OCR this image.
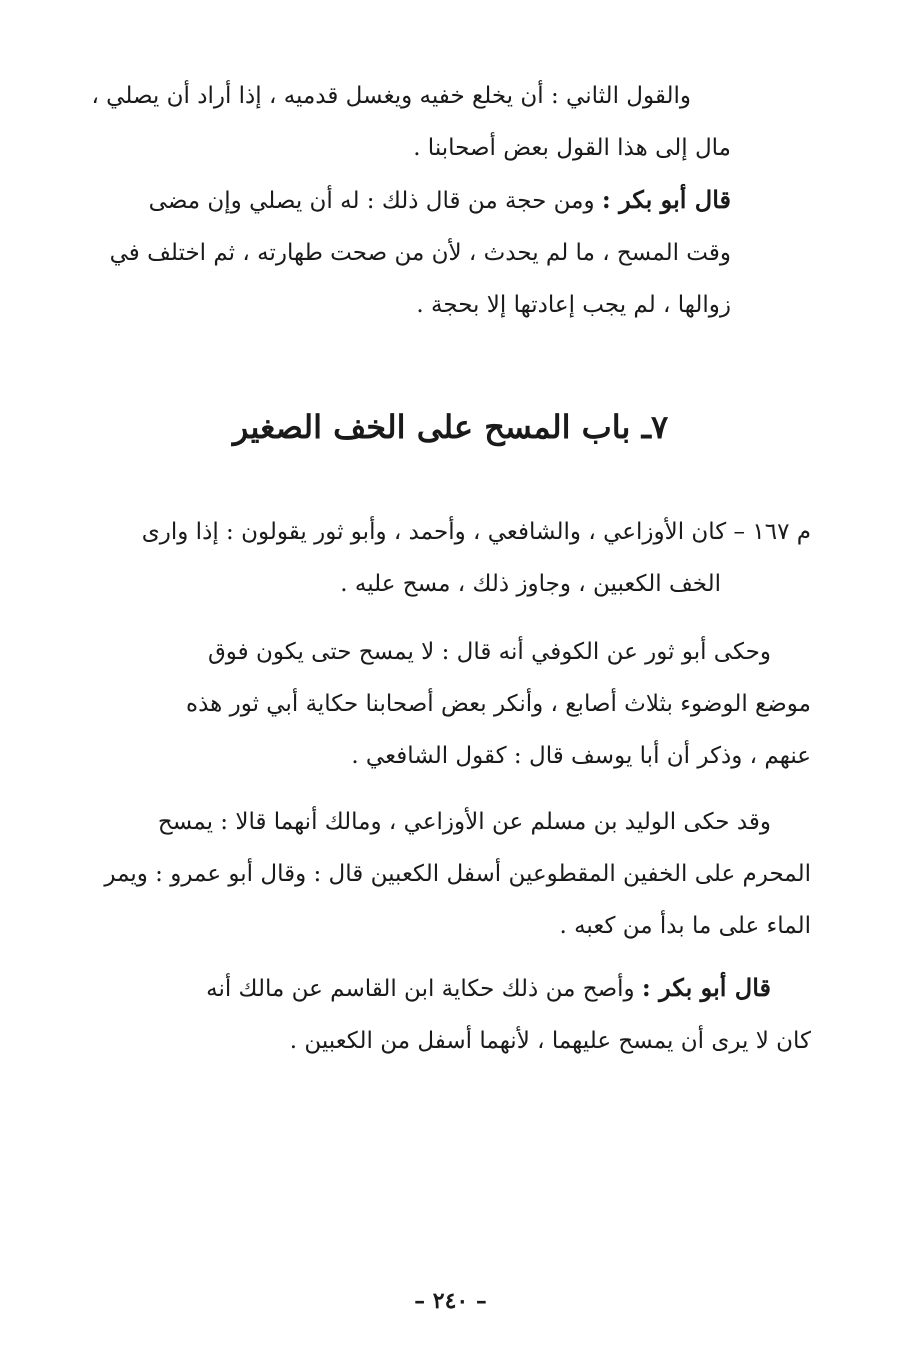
والقول الثاني : أن يخلع خفيه ويغسل قدميه ، إذا أراد أن يصلي ،
مال إلى هذا القول بعض أصحابنا .
قال أبو بكر : ومن حجة من قال ذلك : له أن يصلي وإن مضى
وقت المسح ، ما لم يحدث ، لأن من صحت طهارته ، ثم اختلف في
زوالها ، لم يجب إعادتها إلا بحجة .
٧ـ باب المسح على الخف الصغير
م ١٦٧ – كان الأوزاعي ، والشافعي ، وأحمد ، وأبو ثور يقولون : إذا وارى
الخف الكعبين ، وجاوز ذلك ، مسح عليه .
وحكى أبو ثور عن الكوفي أنه قال : لا يمسح حتى يكون فوق
موضع الوضوء بثلاث أصابع ، وأنكر بعض أصحابنا حكاية أبي ثور هذه
عنهم ، وذكر أن أبا يوسف قال : كقول الشافعي .
وقد حكى الوليد بن مسلم عن الأوزاعي ، ومالك أنهما قالا : يمسح
المحرم على الخفين المقطوعين أسفل الكعبين قال : وقال أبو عمرو : ويمر
الماء على ما بدأ من كعبه .
قال أبو بكر : وأصح من ذلك حكاية ابن القاسم عن مالك أنه
كان لا يرى أن يمسح عليهما ، لأنهما أسفل من الكعبين .
– ٢٤٠ –
